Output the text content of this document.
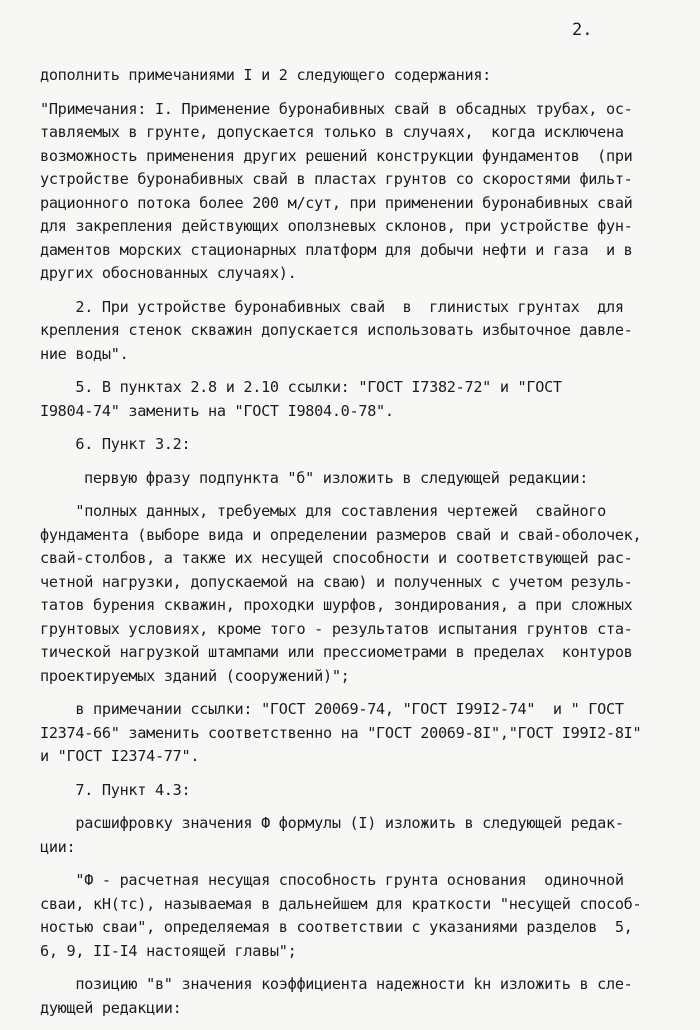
2.
дополнить примечаниями I и 2 следующего содержания:
"Примечания: I. Применение буронабивных свай в обсадных трубах, ос-
тавляемых в грунте, допускается только в случаях,  когда исключена
возможность применения других решений конструкции фундаментов  (при
устройстве буронабивных свай в пластах грунтов со скоростями фильт-
рационного потока более 200 м/сут, при применении буронабивных свай
для закрепления действующих оползневых склонов, при устройстве фун-
даментов морских стационарных платформ для добычи нефти и газа  и в
других обоснованных случаях).
2. При устройстве буронабивных свай  в  глинистых грунтах  для
крепления стенок скважин допускается использовать избыточное давле-
ние воды".
5. В пунктах 2.8 и 2.10 ссылки: "ГОСТ I7382-72" и "ГОСТ
I9804-74" заменить на "ГОСТ I9804.0-78".
6. Пункт 3.2:
первую фразу подпункта "б" изложить в следующей редакции:
"полных данных, требуемых для составления чертежей  свайного
фундамента (выборе вида и определении размеров свай и свай-оболочек,
свай-столбов, а также их несущей способности и соответствующей рас-
четной нагрузки, допускаемой на сваю) и полученных с учетом резуль-
татов бурения скважин, проходки шурфов, зондирования, а при сложных
грунтовых условиях, кроме того - результатов испытания грунтов ста-
тической нагрузкой штампами или прессиометрами в пределах  контуров
проектируемых зданий (сооружений)";
в примечании ссылки: "ГОСТ 20069-74, "ГОСТ I99I2-74"  и " ГОСТ
I2374-66" заменить соответственно на "ГОСТ 20069-8I","ГОСТ I99I2-8I"
и "ГОСТ I2374-77".
7. Пункт 4.3:
расшифровку значения Ф формулы (I) изложить в следующей редак-
ции:
"Ф - расчетная несущая способность грунта основания  одиночной
сваи, кН(тс), называемая в дальнейшем для краткости "несущей способ-
ностью сваи", определяемая в соответствии с указаниями разделов  5,
6, 9, II-I4 настоящей главы";
позицию "в" значения коэффициента надежности kн изложить в сле-
дующей редакции:
